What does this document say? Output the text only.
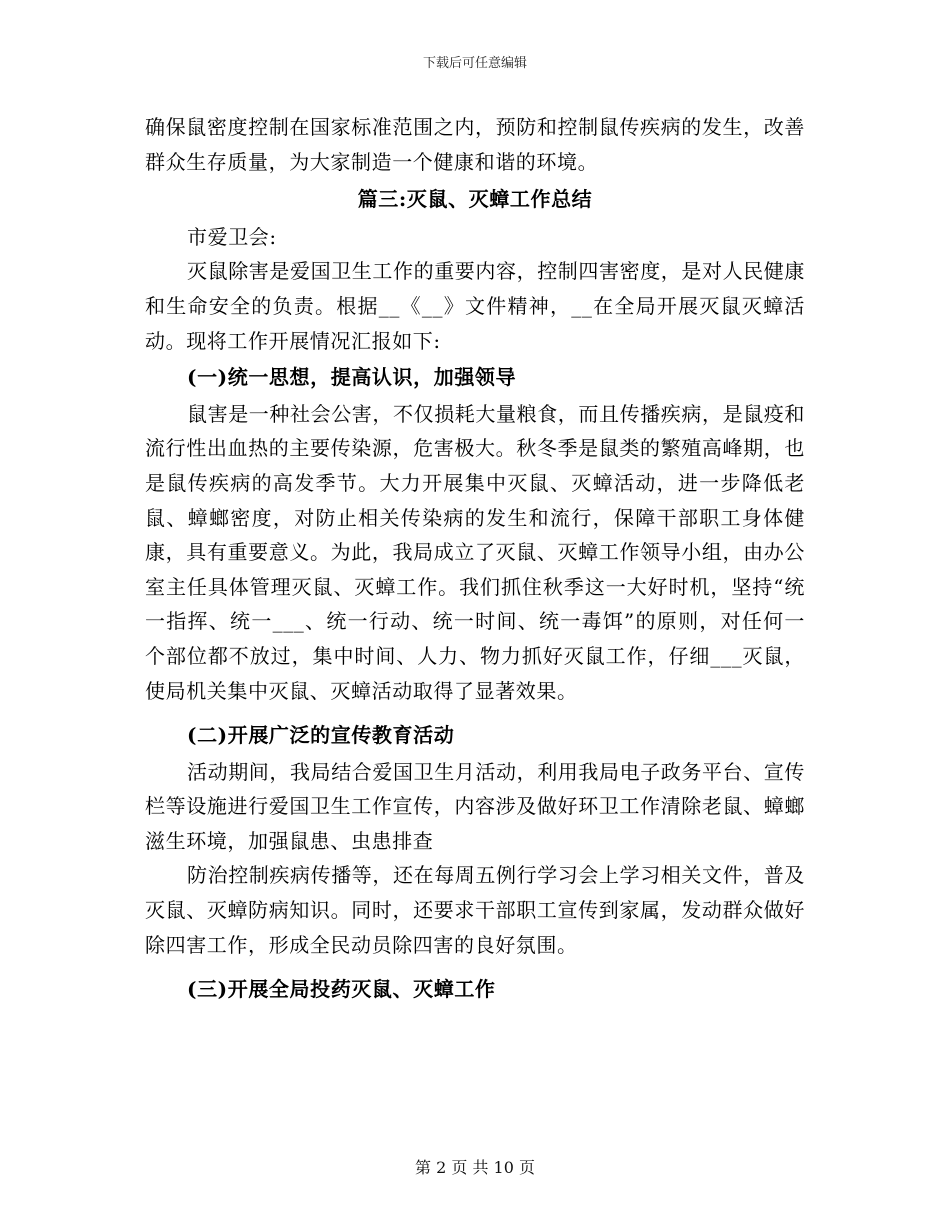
下载后可任意编辑

确保鼠密度控制在国家标准范围之内，预防和控制鼠传疾病的发生，改善群众生存质量，为大家制造一个健康和谐的环境。

篇三:灭鼠、灭蟑工作总结

市爱卫会:

灭鼠除害是爱国卫生工作的重要内容，控制四害密度，是对人民健康和生命安全的负责。根据__《__》文件精神，__在全局开展灭鼠灭蟑活动。现将工作开展情况汇报如下:

(一)统一思想，提高认识，加强领导

鼠害是一种社会公害，不仅损耗大量粮食，而且传播疾病，是鼠疫和流行性出血热的主要传染源，危害极大。秋冬季是鼠类的繁殖高峰期，也是鼠传疾病的高发季节。大力开展集中灭鼠、灭蟑活动，进一步降低老鼠、蟑螂密度，对防止相关传染病的发生和流行，保障干部职工身体健康，具有重要意义。为此，我局成立了灭鼠、灭蟑工作领导小组，由办公室主任具体管理灭鼠、灭蟑工作。我们抓住秋季这一大好时机，坚持“统一指挥、统一___、统一行动、统一时间、统一毒饵”的原则，对任何一个部位都不放过，集中时间、人力、物力抓好灭鼠工作，仔细___灭鼠，使局机关集中灭鼠、灭蟑活动取得了显著效果。

(二)开展广泛的宣传教育活动

活动期间，我局结合爱国卫生月活动，利用我局电子政务平台、宣传栏等设施进行爱国卫生工作宣传，内容涉及做好环卫工作清除老鼠、蟑螂滋生环境，加强鼠患、虫患排查

防治控制疾病传播等，还在每周五例行学习会上学习相关文件，普及灭鼠、灭蟑防病知识。同时，还要求干部职工宣传到家属，发动群众做好除四害工作，形成全民动员除四害的良好氛围。

(三)开展全局投药灭鼠、灭蟑工作

第 2 页 共 10 页
